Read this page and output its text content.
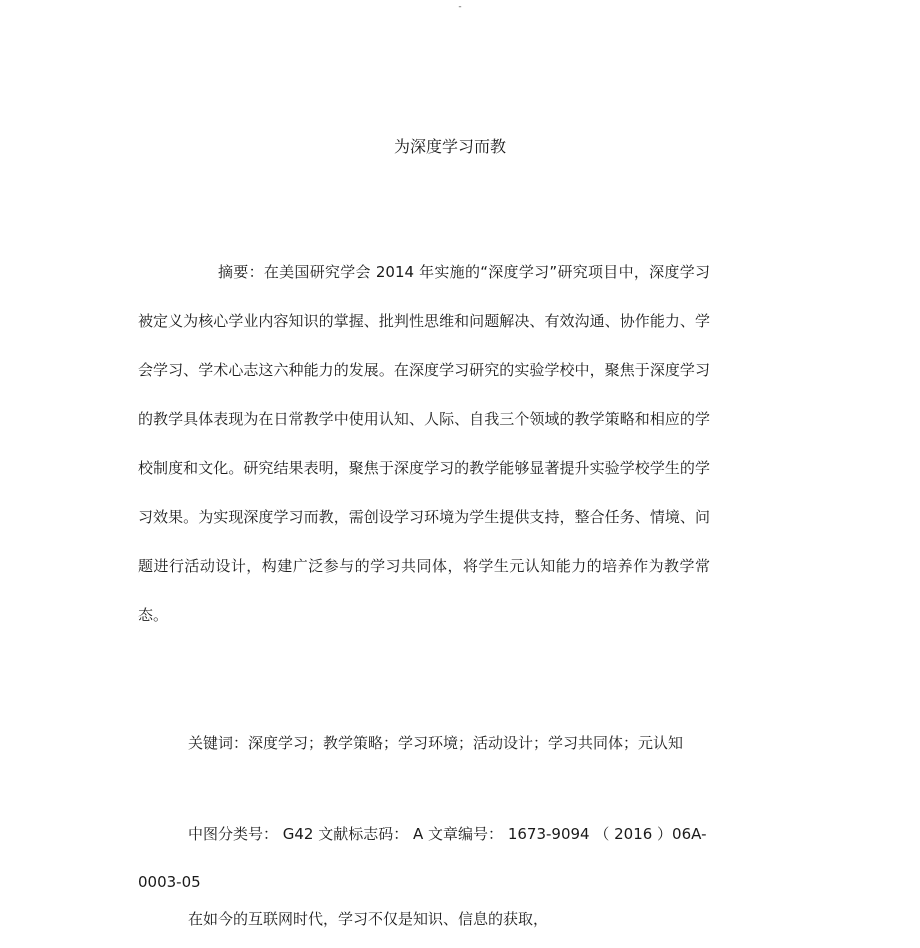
-
为深度学习而教

摘要：在美国研究学会 2014 年实施的“深度学习”研究项目中，深度学习被定义为核心学业内容知识的掌握、批判性思维和问题解决、有效沟通、协作能力、学会学习、学术心志这六种能力的发展。在深度学习研究的实验学校中，聚焦于深度学习的教学具体表现为在日常教学中使用认知、人际、自我三个领域的教学策略和相应的学校制度和文化。研究结果表明，聚焦于深度学习的教学能够显著提升实验学校学生的学习效果。为实现深度学习而教，需创设学习环境为学生提供支持，整合任务、情境、问题进行活动设计，构建广泛参与的学习共同体，将学生元认知能力的培养作为教学常态。

关键词：深度学习；教学策略；学习环境；活动设计；学习共同体；元认知

中图分类号： G42 文献标志码： A 文章编号： 1673-9094 （ 2016 ）06A-0003-05

在如今的互联网时代，学习不仅是知识、信息的获取，
